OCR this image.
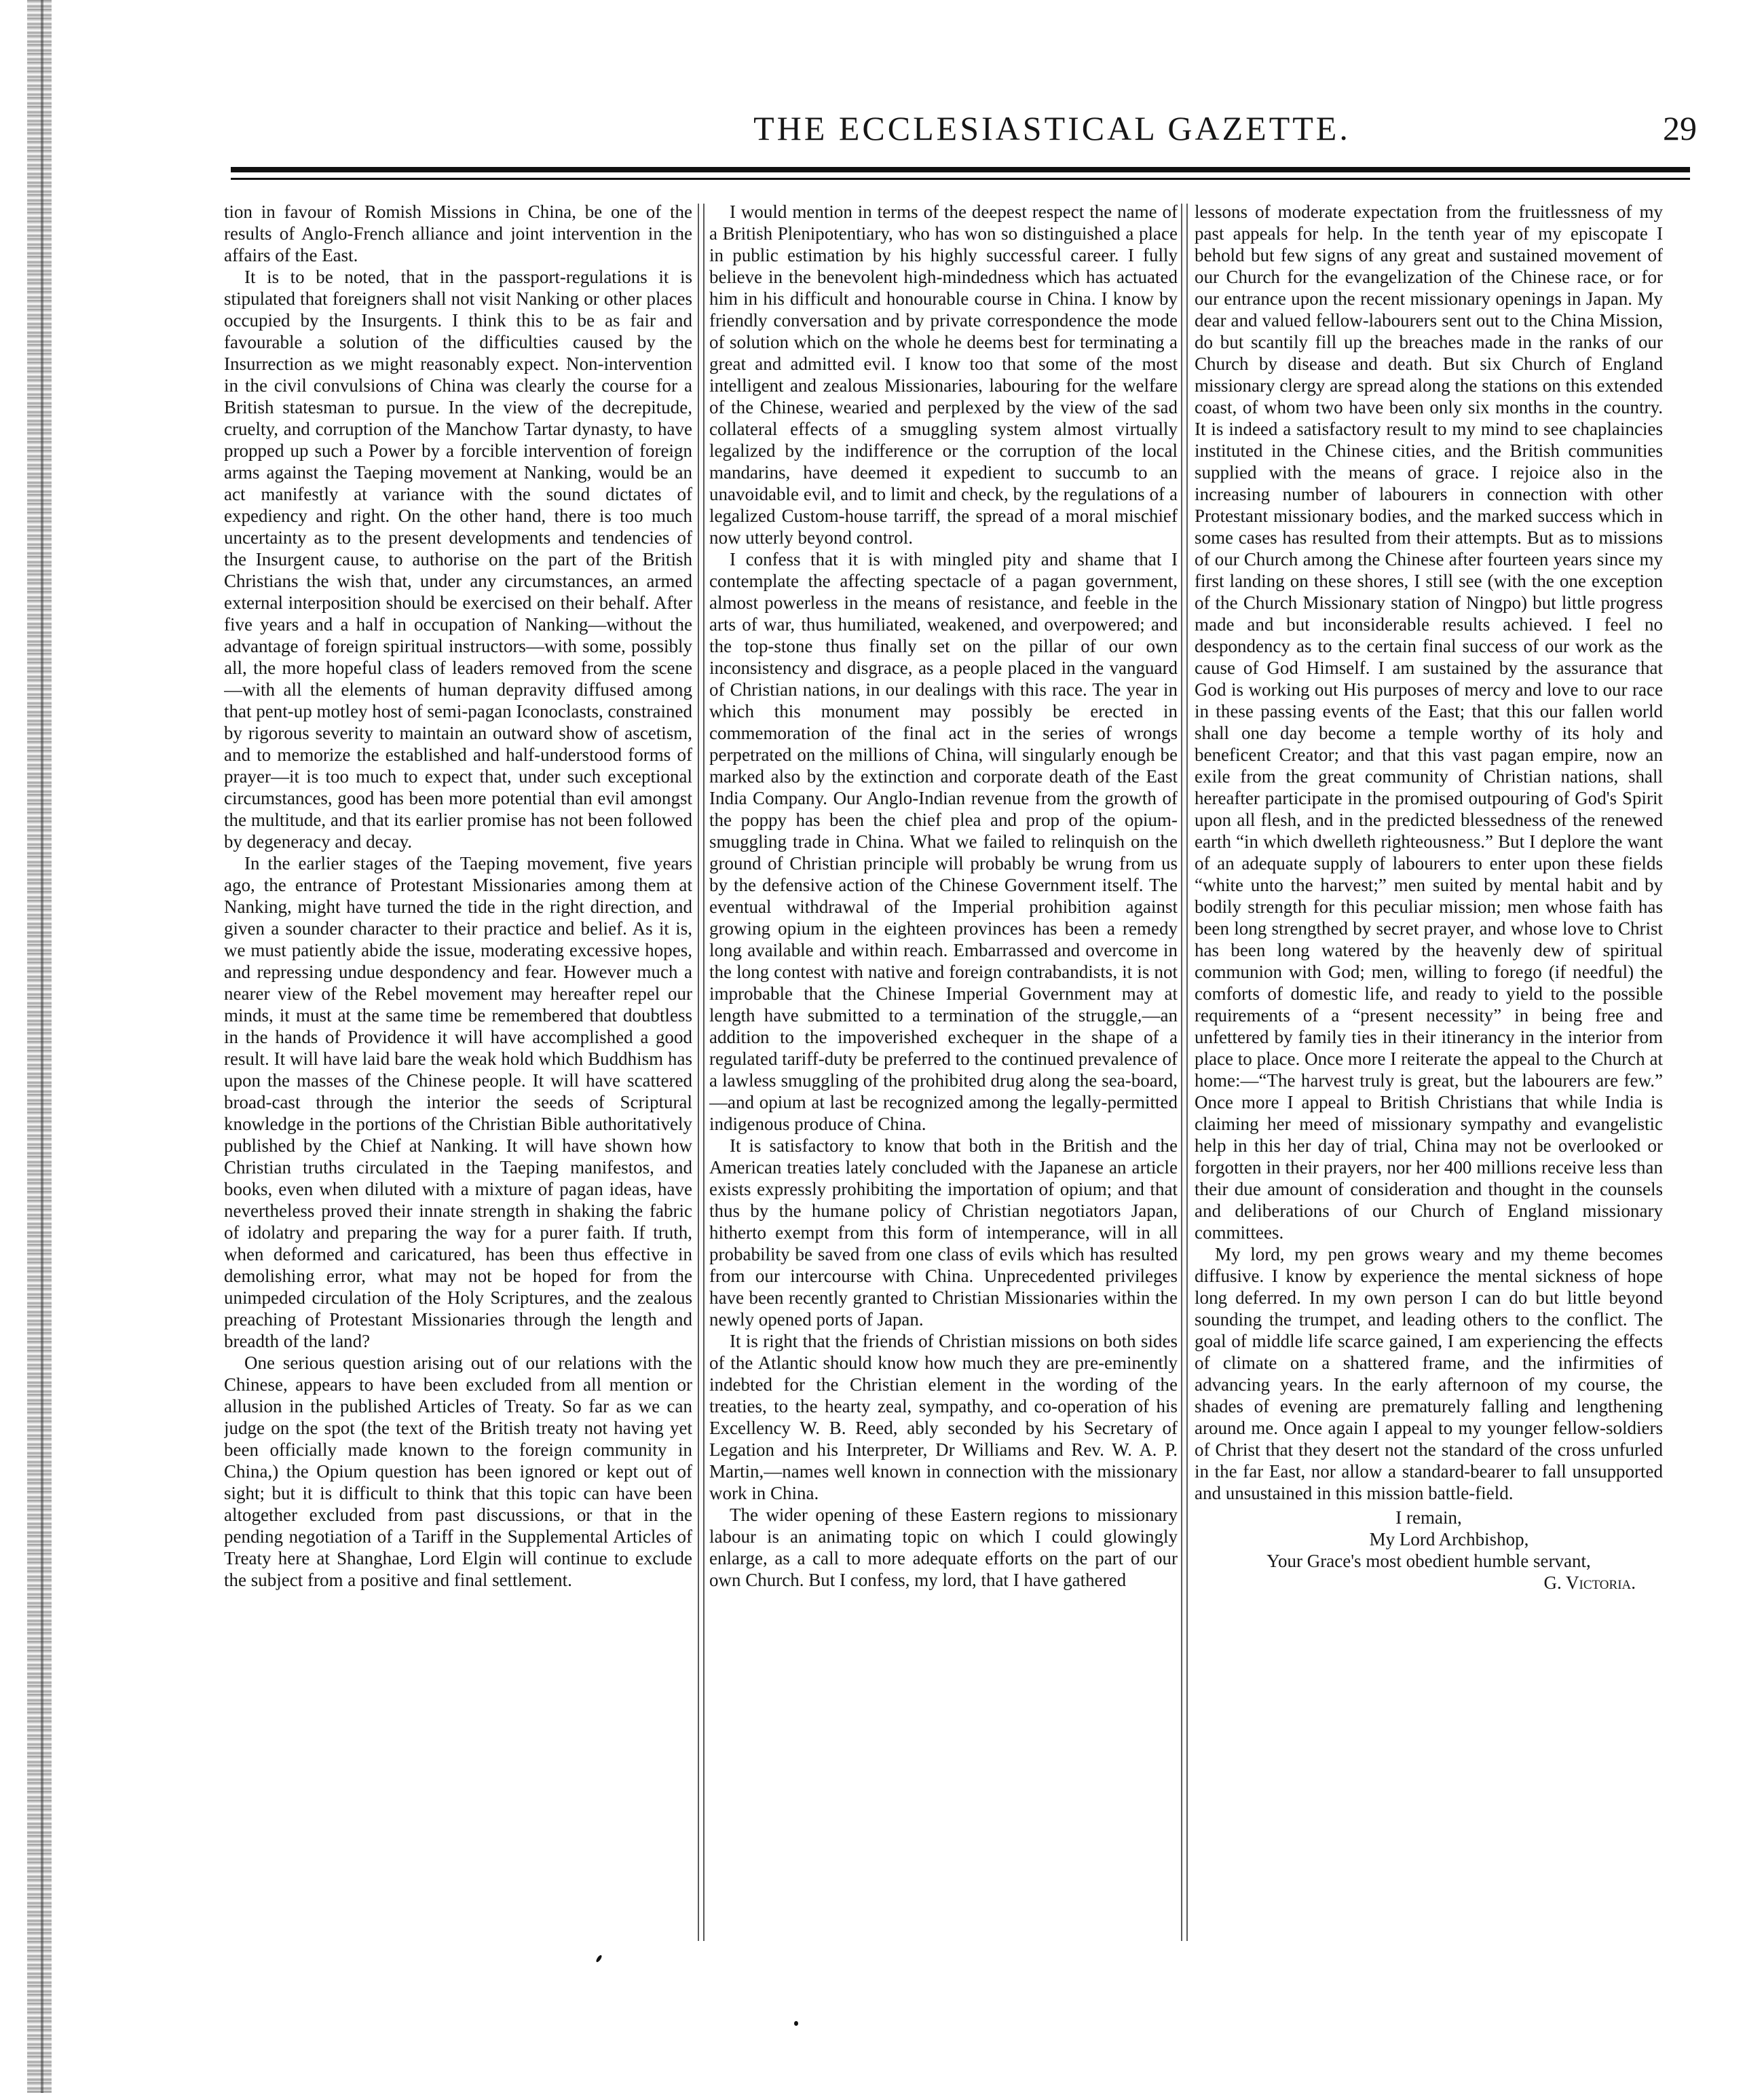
THE ECCLESIASTICAL GAZETTE.	29

tion in favour of Romish Missions in China, be one of the results of Anglo-French alliance and joint intervention in the affairs of the East.

It is to be noted, that in the passport-regulations it is stipulated that foreigners shall not visit Nanking or other places occupied by the Insurgents. I think this to be as fair and favourable a solution of the difficulties caused by the Insurrection as we might reasonably expect. Non-intervention in the civil convulsions of China was clearly the course for a British statesman to pursue. In the view of the decrepitude, cruelty, and corruption of the Manchow Tartar dynasty, to have propped up such a Power by a forcible intervention of foreign arms against the Taeping movement at Nanking, would be an act manifestly at variance with the sound dictates of expediency and right. On the other hand, there is too much uncertainty as to the present developments and tendencies of the Insurgent cause, to authorise on the part of the British Christians the wish that, under any circumstances, an armed external interposition should be exercised on their behalf. After five years and a half in occupation of Nanking—without the advantage of foreign spiritual instructors—with some, possibly all, the more hopeful class of leaders removed from the scene—with all the elements of human depravity diffused among that pent-up motley host of semi-pagan Iconoclasts, constrained by rigorous severity to maintain an outward show of ascetism, and to memorize the established and half-understood forms of prayer—it is too much to expect that, under such exceptional circumstances, good has been more potential than evil amongst the multitude, and that its earlier promise has not been followed by degeneracy and decay.

In the earlier stages of the Taeping movement, five years ago, the entrance of Protestant Missionaries among them at Nanking, might have turned the tide in the right direction, and given a sounder character to their practice and belief. As it is, we must patiently abide the issue, moderating excessive hopes, and repressing undue despondency and fear. However much a nearer view of the Rebel movement may hereafter repel our minds, it must at the same time be remembered that doubtless in the hands of Providence it will have accomplished a good result. It will have laid bare the weak hold which Buddhism has upon the masses of the Chinese people. It will have scattered broad-cast through the interior the seeds of Scriptural knowledge in the portions of the Christian Bible authoritatively published by the Chief at Nanking. It will have shown how Christian truths circulated in the Taeping manifestos, and books, even when diluted with a mixture of pagan ideas, have nevertheless proved their innate strength in shaking the fabric of idolatry and preparing the way for a purer faith. If truth, when deformed and caricatured, has been thus effective in demolishing error, what may not be hoped for from the unimpeded circulation of the Holy Scriptures, and the zealous preaching of Protestant Missionaries through the length and breadth of the land?

One serious question arising out of our relations with the Chinese, appears to have been excluded from all mention or allusion in the published Articles of Treaty. So far as we can judge on the spot (the text of the British treaty not having yet been officially made known to the foreign community in China,) the Opium question has been ignored or kept out of sight; but it is difficult to think that this topic can have been altogether excluded from past discussions, or that in the pending negotiation of a Tariff in the Supplemental Articles of Treaty here at Shanghae, Lord Elgin will continue to exclude the subject from a positive and final settlement.

I would mention in terms of the deepest respect the name of a British Plenipotentiary, who has won so distinguished a place in public estimation by his highly successful career. I fully believe in the benevolent high-mindedness which has actuated him in his difficult and honourable course in China. I know by friendly conversation and by private correspondence the mode of solution which on the whole he deems best for terminating a great and admitted evil. I know too that some of the most intelligent and zealous Missionaries, labouring for the welfare of the Chinese, wearied and perplexed by the view of the sad collateral effects of a smuggling system almost virtually legalized by the indifference or the corruption of the local mandarins, have deemed it expedient to succumb to an unavoidable evil, and to limit and check, by the regulations of a legalized Custom-house tarriff, the spread of a moral mischief now utterly beyond control.

I confess that it is with mingled pity and shame that I contemplate the affecting spectacle of a pagan government, almost powerless in the means of resistance, and feeble in the arts of war, thus humiliated, weakened, and overpowered; and the top-stone thus finally set on the pillar of our own inconsistency and disgrace, as a people placed in the vanguard of Christian nations, in our dealings with this race. The year in which this monument may possibly be erected in commemoration of the final act in the series of wrongs perpetrated on the millions of China, will singularly enough be marked also by the extinction and corporate death of the East India Company. Our Anglo-Indian revenue from the growth of the poppy has been the chief plea and prop of the opium-smuggling trade in China. What we failed to relinquish on the ground of Christian principle will probably be wrung from us by the defensive action of the Chinese Government itself. The eventual withdrawal of the Imperial prohibition against growing opium in the eighteen provinces has been a remedy long available and within reach. Embarrassed and overcome in the long contest with native and foreign contrabandists, it is not improbable that the Chinese Imperial Government may at length have submitted to a termination of the struggle,—an addition to the impoverished exchequer in the shape of a regulated tariff-duty be preferred to the continued prevalence of a lawless smuggling of the prohibited drug along the sea-board,—and opium at last be recognized among the legally-permitted indigenous produce of China.

It is satisfactory to know that both in the British and the American treaties lately concluded with the Japanese an article exists expressly prohibiting the importation of opium; and that thus by the humane policy of Christian negotiators Japan, hitherto exempt from this form of intemperance, will in all probability be saved from one class of evils which has resulted from our intercourse with China. Unprecedented privileges have been recently granted to Christian Missionaries within the newly opened ports of Japan.

It is right that the friends of Christian missions on both sides of the Atlantic should know how much they are pre-eminently indebted for the Christian element in the wording of the treaties, to the hearty zeal, sympathy, and co-operation of his Excellency W. B. Reed, ably seconded by his Secretary of Legation and his Interpreter, Dr Williams and Rev. W. A. P. Martin,—names well known in connection with the missionary work in China.

The wider opening of these Eastern regions to missionary labour is an animating topic on which I could glowingly enlarge, as a call to more adequate efforts on the part of our own Church. But I confess, my lord, that I have gathered

lessons of moderate expectation from the fruitlessness of my past appeals for help. In the tenth year of my episcopate I behold but few signs of any great and sustained movement of our Church for the evangelization of the Chinese race, or for our entrance upon the recent missionary openings in Japan. My dear and valued fellow-labourers sent out to the China Mission, do but scantily fill up the breaches made in the ranks of our Church by disease and death. But six Church of England missionary clergy are spread along the stations on this extended coast, of whom two have been only six months in the country. It is indeed a satisfactory result to my mind to see chaplaincies instituted in the Chinese cities, and the British communities supplied with the means of grace. I rejoice also in the increasing number of labourers in connection with other Protestant missionary bodies, and the marked success which in some cases has resulted from their attempts. But as to missions of our Church among the Chinese after fourteen years since my first landing on these shores, I still see (with the one exception of the Church Missionary station of Ningpo) but little progress made and but inconsiderable results achieved. I feel no despondency as to the certain final success of our work as the cause of God Himself. I am sustained by the assurance that God is working out His purposes of mercy and love to our race in these passing events of the East; that this our fallen world shall one day become a temple worthy of its holy and beneficent Creator; and that this vast pagan empire, now an exile from the great community of Christian nations, shall hereafter participate in the promised outpouring of God's Spirit upon all flesh, and in the predicted blessedness of the renewed earth “in which dwelleth righteousness.” But I deplore the want of an adequate supply of labourers to enter upon these fields “white unto the harvest;” men suited by mental habit and by bodily strength for this peculiar mission; men whose faith has been long strengthed by secret prayer, and whose love to Christ has been long watered by the heavenly dew of spiritual communion with God; men, willing to forego (if needful) the comforts of domestic life, and ready to yield to the possible requirements of a “present necessity” in being free and unfettered by family ties in their itinerancy in the interior from place to place. Once more I reiterate the appeal to the Church at home:—“The harvest truly is great, but the labourers are few.” Once more I appeal to British Christians that while India is claiming her meed of missionary sympathy and evangelistic help in this her day of trial, China may not be overlooked or forgotten in their prayers, nor her 400 millions receive less than their due amount of consideration and thought in the counsels and deliberations of our Church of England missionary committees.

My lord, my pen grows weary and my theme becomes diffusive. I know by experience the mental sickness of hope long deferred. In my own person I can do but little beyond sounding the trumpet, and leading others to the conflict. The goal of middle life scarce gained, I am experiencing the effects of climate on a shattered frame, and the infirmities of advancing years. In the early afternoon of my course, the shades of evening are prematurely falling and lengthening around me. Once again I appeal to my younger fellow-soldiers of Christ that they desert not the standard of the cross unfurled in the far East, nor allow a standard-bearer to fall unsupported and unsustained in this mission battle-field.

I remain,
My Lord Archbishop,
Your Grace's most obedient humble servant,
G. Victoria.
